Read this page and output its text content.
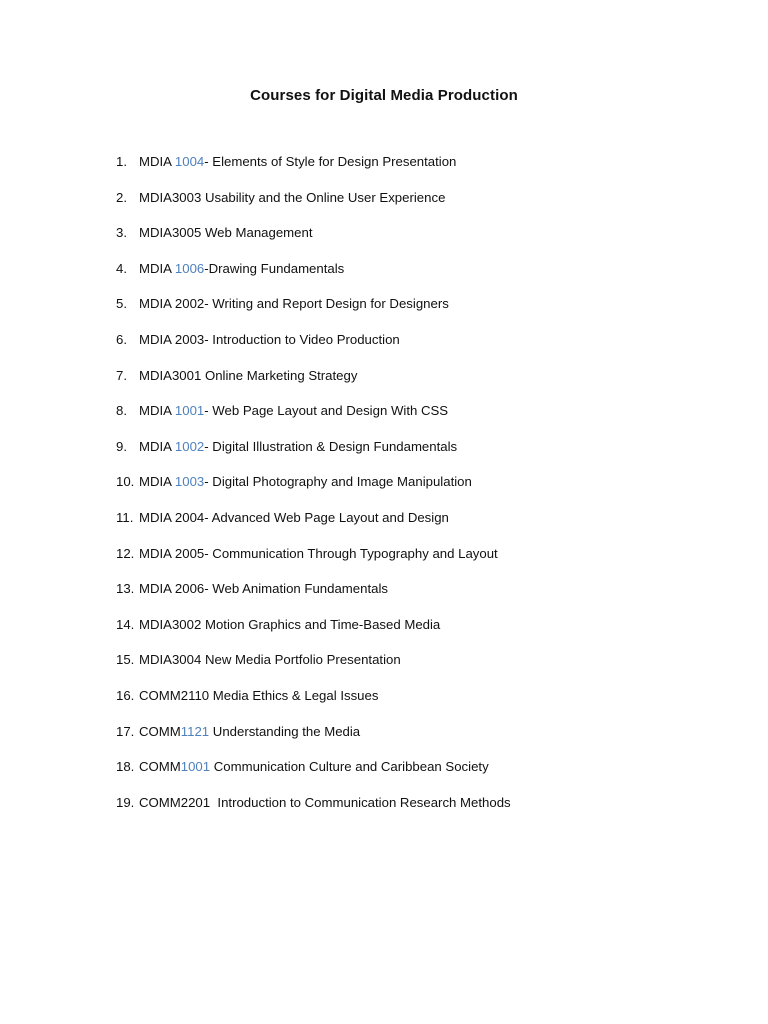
Courses for Digital Media Production
1. MDIA 1004- Elements of Style for Design Presentation
2. MDIA3003 Usability and the Online User Experience
3. MDIA3005 Web Management
4. MDIA 1006-Drawing Fundamentals
5. MDIA 2002- Writing and Report Design for Designers
6. MDIA 2003- Introduction to Video Production
7. MDIA3001 Online Marketing Strategy
8. MDIA 1001- Web Page Layout and Design With CSS
9. MDIA 1002- Digital Illustration & Design Fundamentals
10. MDIA 1003- Digital Photography and Image Manipulation
11. MDIA 2004- Advanced Web Page Layout and Design
12. MDIA 2005- Communication Through Typography and Layout
13. MDIA 2006- Web Animation Fundamentals
14. MDIA3002 Motion Graphics and Time-Based Media
15. MDIA3004 New Media Portfolio Presentation
16. COMM2110 Media Ethics & Legal Issues
17. COMM1121 Understanding the Media
18. COMM1001 Communication Culture and Caribbean Society
19. COMM2201  Introduction to Communication Research Methods
